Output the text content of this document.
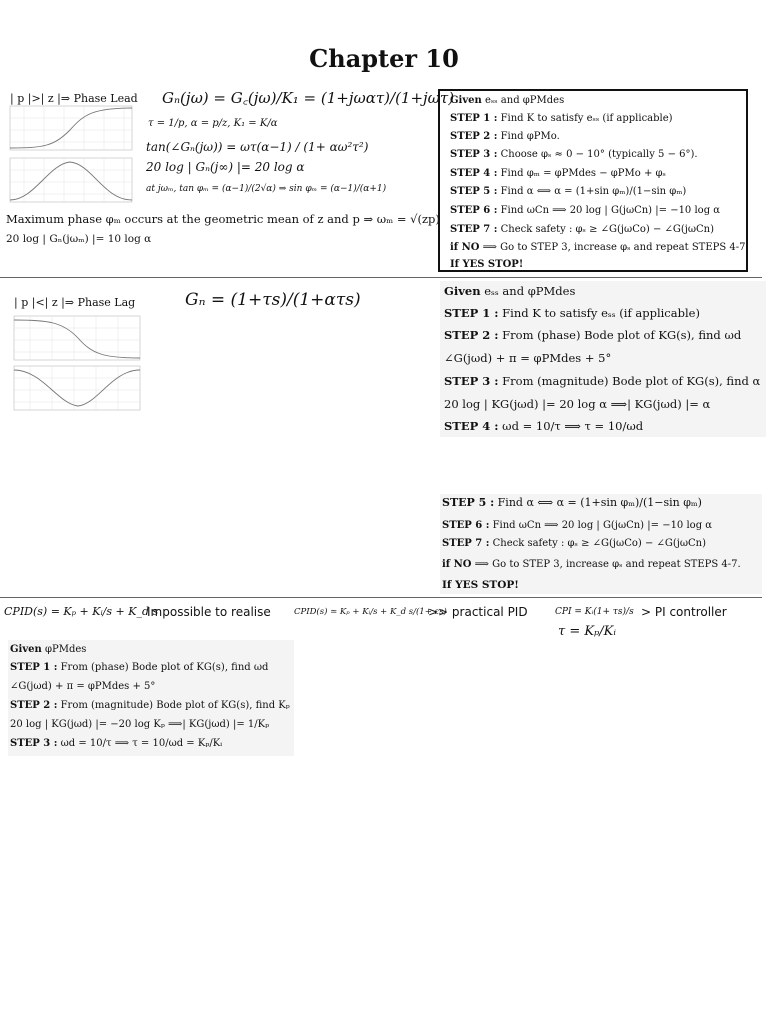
Chapter 10
| p |>| z |⇒ Phase Lead Gₙ(jω) = G꜀(jω)/K₁ = (1+jωατ)/(1+jωτ)
τ = 1/p, α = p/z, K₁ = K/α
tan(∠Gₙ(jω)) = ωτ(α−1) / (1+ αω²τ²)
20 log | Gₙ(j∞) |= 20 log α
at jωₘ, tan φₘ = (α−1)/(2√α) ⇒ sin φₘ = (α−1)/(α+1)
Maximum phase φₘ occurs at the geometric mean of z and p ⇒ ωₘ = √(zp)
20 log | Gₙ(jωₘ) |= 10 log α
Given eₛₛ and φPMdes
STEP 1 : Find K to satisfy eₛₛ (if applicable)
STEP 2 : Find φPMo.
STEP 3 : Choose φₛ ≈ 0 − 10° (typically 5 − 6°).
STEP 4 : Find φₘ = φPMdes − φPMo + φₛ
STEP 5 : Find α ⟺ α = (1+sin φₘ)/(1−sin φₘ)
STEP 6 : Find ωCn ⟹ 20 log | G(jωCn) |= −10 log α
STEP 7 : Check safety : φₛ ≥ ∠G(jωCo) − ∠G(jωCn)
if NO ⟹ Go to STEP 3, increase φₛ and repeat STEPS 4-7.
If YES STOP!
| p |<| z |⇒ Phase Lag	Gₙ = (1+τs)/(1+ατs)	Given eₛₛ and φPMdes
STEP 1 : Find K to satisfy eₛₛ (if applicable)
STEP 2 : From (phase) Bode plot of KG(s), find ωd
∠G(jωd) + π = φPMdes + 5°
STEP 3 : From (magnitude) Bode plot of KG(s), find α
20 log | KG(jωd) |= 20 log α ⟹| KG(jωd) |= α
STEP 4 : ωd = 10/τ ⟹ τ = 10/ωd
STEP 5 : Find α ⟺ α = (1+sin φₘ)/(1−sin φₘ)
STEP 6 : Find ωCn ⟹ 20 log | G(jωCn) |= −10 log α
STEP 7 : Check safety : φₛ ≥ ∠G(jωCo) − ∠G(jωCn)
if NO ⟹ Go to STEP 3, increase φₛ and repeat STEPS 4-7.
If YES STOP!
CPID(s) = Kₚ + Kᵢ/s + K_d s
Impossible to realise	CPID(s) ≃ Kₚ + Kᵢ/s + K_d s/(1+ εs)
>> practical PID	CPI = Kᵢ(1+ τs)/s > PI controller
τ = Kₚ/Kᵢ
Given φPMdes
STEP 1 : From (phase) Bode plot of KG(s), find ωd
∠G(jωd) + π = φPMdes + 5°
STEP 2 : From (magnitude) Bode plot of KG(s), find Kₚ
20 log | KG(jωd) |= −20 log Kₚ ⟹| KG(jωd) |= 1/Kₚ
STEP 3 : ωd = 10/τ ⟹ τ = 10/ωd = Kₚ/Kᵢ
